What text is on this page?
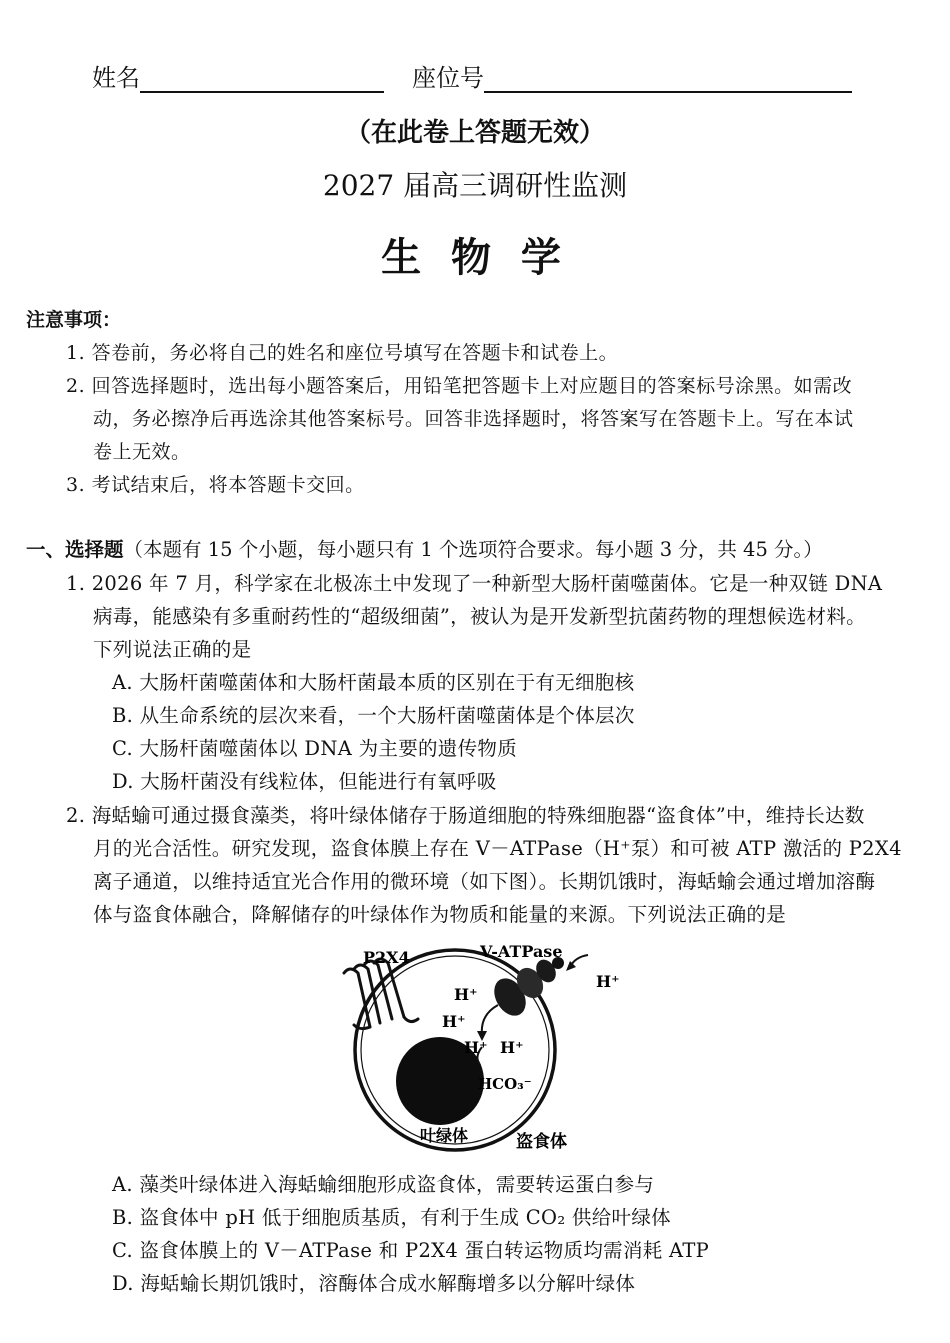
姓名	座位号
（在此卷上答题无效）
2027 届高三调研性监测
生 物 学
注意事项：
1. 答卷前，务必将自己的姓名和座位号填写在答题卡和试卷上。
2. 回答选择题时，选出每小题答案后，用铅笔把答题卡上对应题目的答案标号涂黑。如需改
动，务必擦净后再选涂其他答案标号。回答非选择题时，将答案写在答题卡上。写在本试
卷上无效。
3. 考试结束后，将本答题卡交回。
一、选择题（本题有 15 个小题，每小题只有 1 个选项符合要求。每小题 3 分，共 45 分。）
1. 2026 年 7 月，科学家在北极冻土中发现了一种新型大肠杆菌噬菌体。它是一种双链 DNA
病毒，能感染有多重耐药性的“超级细菌”，被认为是开发新型抗菌药物的理想候选材料。
下列说法正确的是
A. 大肠杆菌噬菌体和大肠杆菌最本质的区别在于有无细胞核
B. 从生命系统的层次来看，一个大肠杆菌噬菌体是个体层次
C. 大肠杆菌噬菌体以 DNA 为主要的遗传物质
D. 大肠杆菌没有线粒体，但能进行有氧呼吸
2. 海蛞蝓可通过摄食藻类，将叶绿体储存于肠道细胞的特殊细胞器“盗食体”中，维持长达数
月的光合活性。研究发现，盗食体膜上存在 V－ATPase（H⁺泵）和可被 ATP 激活的 P2X4
离子通道，以维持适宜光合作用的微环境（如下图）。长期饥饿时，海蛞蝓会通过增加溶酶
体与盗食体融合，降解储存的叶绿体作为物质和能量的来源。下列说法正确的是
P2X4	V-ATPase
H⁺
H⁺
H⁺
H⁺ H⁺
HCO₃⁻
叶绿体	盗食体
A. 藻类叶绿体进入海蛞蝓细胞形成盗食体，需要转运蛋白参与
B. 盗食体中 pH 低于细胞质基质，有利于生成 CO₂ 供给叶绿体
C. 盗食体膜上的 V－ATPase 和 P2X4 蛋白转运物质均需消耗 ATP
D. 海蛞蝓长期饥饿时，溶酶体合成水解酶增多以分解叶绿体
